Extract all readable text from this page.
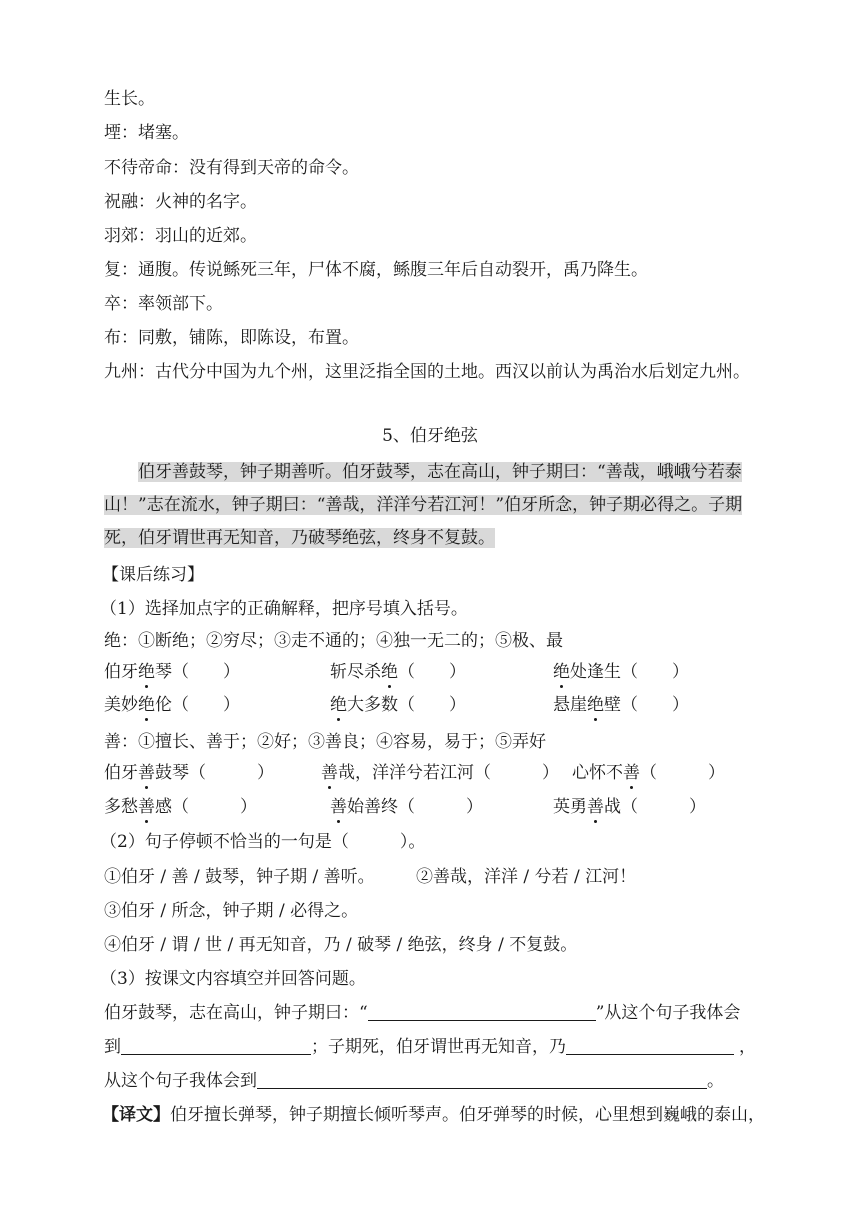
生长。
堙：堵塞。
不待帝命：没有得到天帝的命令。
祝融：火神的名字。
羽郊：羽山的近郊。
复：通腹。传说鲧死三年，尸体不腐，鲧腹三年后自动裂开，禹乃降生。
卒：率领部下。
布：同敷，铺陈，即陈设，布置。
九州：古代分中国为九个州，这里泛指全国的土地。西汉以前认为禹治水后划定九州。
5、伯牙绝弦
伯牙善鼓琴，钟子期善听。伯牙鼓琴，志在高山，钟子期曰：“善哉，峨峨兮若泰
山！”志在流水，钟子期曰：“善哉，洋洋兮若江河！”伯牙所念，钟子期必得之。子期
死，伯牙谓世再无知音，乃破琴绝弦，终身不复鼓。
【课后练习】
（1）选择加点字的正确解释，把序号填入括号。
绝：①断绝；②穷尽；③走不通的；④独一无二的；⑤极、最
伯牙绝琴（　　）	斩尽杀绝（　　）	绝处逢生（　　）
美妙绝伦（　　）	绝大多数（　　）	悬崖绝壁（　　）
善：①擅长、善于；②好；③善良；④容易，易于；⑤弄好
伯牙善鼓琴（　　　）	善哉，洋洋兮若江河（　　　） 心怀不善（　　　）
多愁善感（　　　）	善始善终（　　　）	英勇善战（　　　）
（2）句子停顿不恰当的一句是（　　　）。
①伯牙 / 善 / 鼓琴，钟子期 / 善听。 ②善哉，洋洋 / 兮若 / 江河！
③伯牙 / 所念，钟子期 / 必得之。
④伯牙 / 谓 / 世 / 再无知音，乃 / 破琴 / 绝弦，终身 / 不复鼓。
（3）按课文内容填空并回答问题。
伯牙鼓琴，志在高山，钟子期曰：“	”从这个句子我体会
到	；子期死，伯牙谓世再无知音，乃	，
从这个句子我体会到	。
【译文】伯牙擅长弹琴，钟子期擅长倾听琴声。伯牙弹琴的时候，心里想到巍峨的泰山，
